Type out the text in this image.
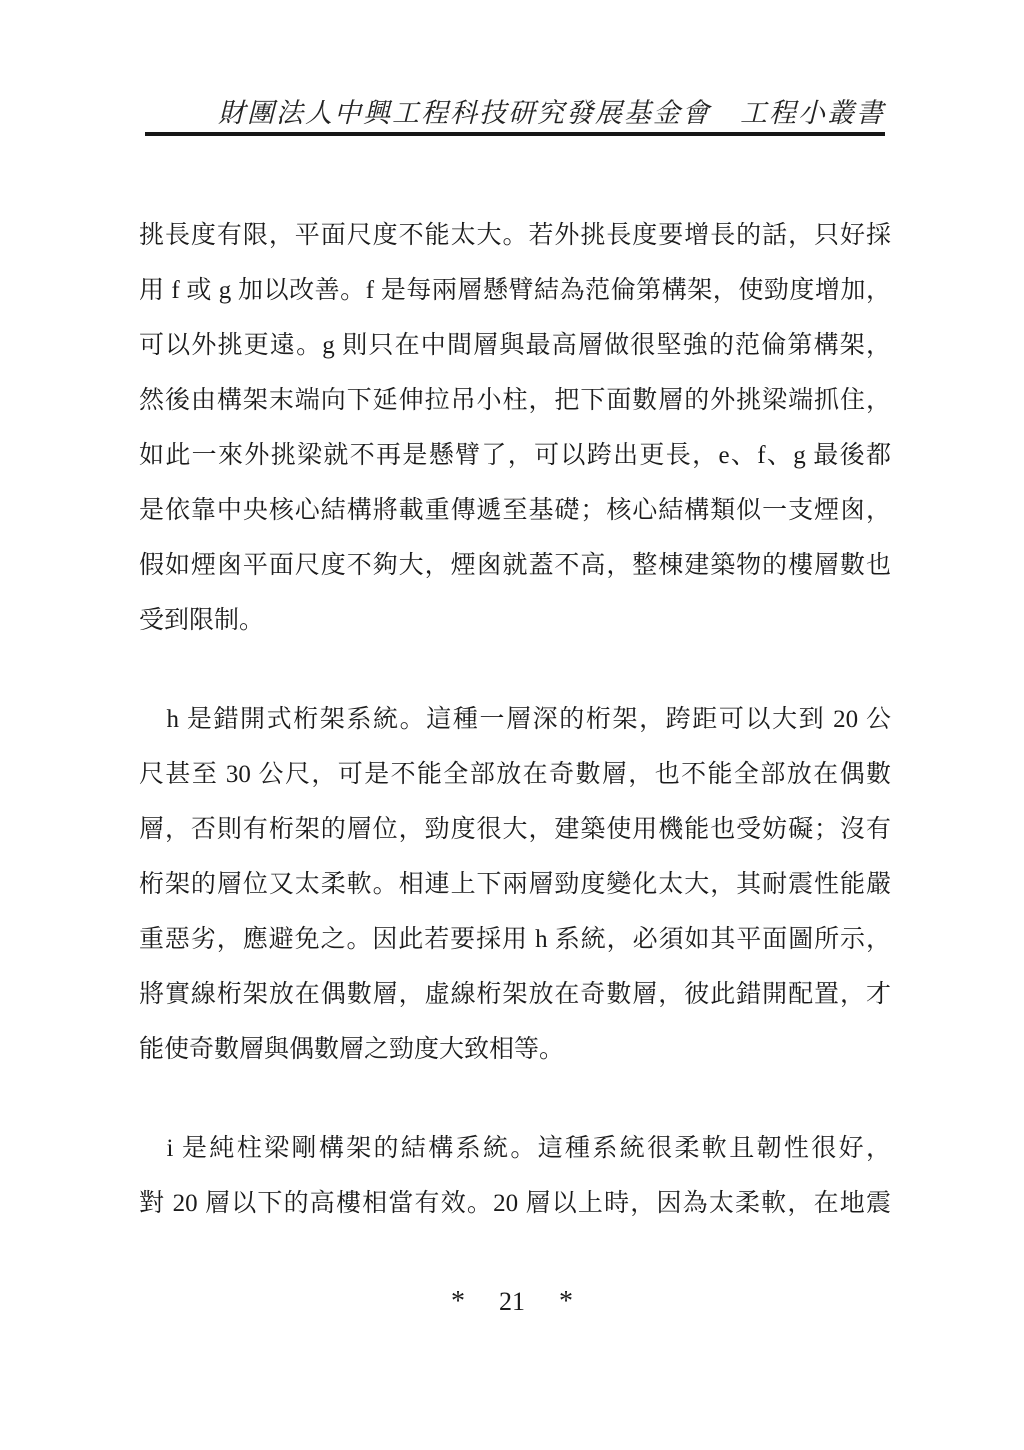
財團法人中興工程科技研究發展基金會　工程小叢書
挑長度有限，平面尺度不能太大。若外挑長度要增長的話，只好採
用 f 或 g 加以改善。f 是每兩層懸臂結為范倫第構架，使勁度增加，
可以外挑更遠。g 則只在中間層與最高層做很堅強的范倫第構架，
然後由構架末端向下延伸拉吊小柱，把下面數層的外挑梁端抓住，
如此一來外挑梁就不再是懸臂了，可以跨出更長，e、f、g 最後都
是依靠中央核心結構將載重傳遞至基礎；核心結構類似一支煙囪，
假如煙囪平面尺度不夠大，煙囪就蓋不高，整棟建築物的樓層數也
受到限制。
h 是錯開式桁架系統。這種一層深的桁架，跨距可以大到 20 公
尺甚至 30 公尺，可是不能全部放在奇數層，也不能全部放在偶數
層，否則有桁架的層位，勁度很大，建築使用機能也受妨礙；沒有
桁架的層位又太柔軟。相連上下兩層勁度變化太大，其耐震性能嚴
重惡劣，應避免之。因此若要採用 h 系統，必須如其平面圖所示，
將實線桁架放在偶數層，虛線桁架放在奇數層，彼此錯開配置，才
能使奇數層與偶數層之勁度大致相等。
i 是純柱梁剛構架的結構系統。這種系統很柔軟且韌性很好，
對 20 層以下的高樓相當有效。20 層以上時，因為太柔軟，在地震
* 21 *
